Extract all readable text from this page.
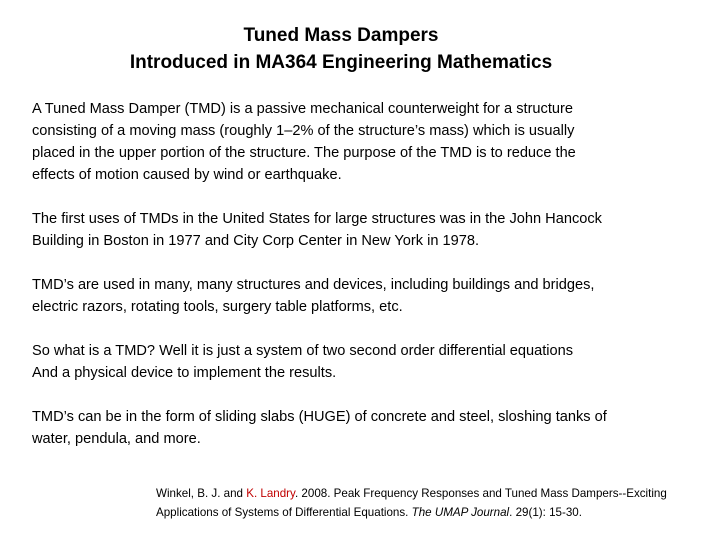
Tuned Mass Dampers
Introduced in MA364 Engineering Mathematics

A Tuned Mass Damper (TMD) is a passive mechanical counterweight for a structure
consisting of a moving mass (roughly 1–2% of the structure’s mass) which is usually
placed in the upper portion of the structure. The purpose of the TMD is to reduce the
effects of motion caused by wind or earthquake.

The first uses of TMDs in the United States for large structures was in the John Hancock
Building in Boston in 1977 and City Corp Center in New York in 1978.

TMD’s are used in many, many structures and devices, including buildings and bridges,
electric razors, rotating tools, surgery table platforms, etc.

So what is a TMD? Well it is just a system of two second order differential equations
And a physical device to implement the results.

TMD’s can be in the form of sliding slabs (HUGE) of concrete and steel, sloshing tanks of
water, pendula, and more.

Winkel, B. J. and K. Landry. 2008. Peak Frequency Responses and Tuned Mass Dampers--Exciting
Applications of Systems of Differential Equations. The UMAP Journal. 29(1): 15-30.
